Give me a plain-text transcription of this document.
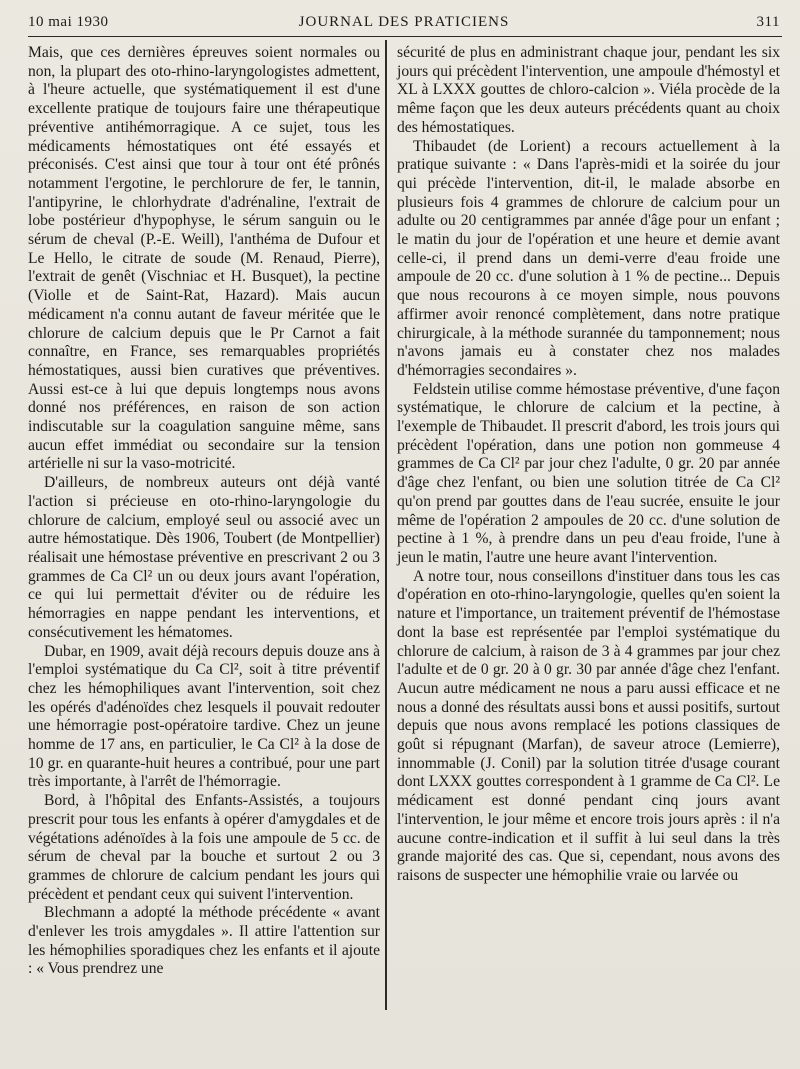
10 mai 1930	JOURNAL DES PRATICIENS	311

Mais, que ces dernières épreuves soient normales ou non, la plupart des oto-rhino-laryngologistes admettent, à l'heure actuelle, que systématiquement il est d'une excellente pratique de toujours faire une thérapeutique préventive antihémorragique. A ce sujet, tous les médicaments hémostatiques ont été essayés et préconisés. C'est ainsi que tour à tour ont été prônés notamment l'ergotine, le perchlorure de fer, le tannin, l'antipyrine, le chlorhydrate d'adrénaline, l'extrait de lobe postérieur d'hypophyse, le sérum sanguin ou le sérum de cheval (P.-E. Weill), l'anthéma de Dufour et Le Hello, le citrate de soude (M. Renaud, Pierre), l'extrait de genêt (Vischniac et H. Busquet), la pectine (Violle et de Saint-Rat, Hazard). Mais aucun médicament n'a connu autant de faveur méritée que le chlorure de calcium depuis que le Pr Carnot a fait connaître, en France, ses remarquables propriétés hémostatiques, aussi bien curatives que préventives. Aussi est-ce à lui que depuis longtemps nous avons donné nos préférences, en raison de son action indiscutable sur la coagulation sanguine même, sans aucun effet immédiat ou secondaire sur la tension artérielle ni sur la vaso-motricité.

D'ailleurs, de nombreux auteurs ont déjà vanté l'action si précieuse en oto-rhino-laryngologie du chlorure de calcium, employé seul ou associé avec un autre hémostatique. Dès 1906, Toubert (de Montpellier) réalisait une hémostase préventive en prescrivant 2 ou 3 grammes de Ca Cl² un ou deux jours avant l'opération, ce qui lui permettait d'éviter ou de réduire les hémorragies en nappe pendant les interventions, et consécutivement les hématomes.

Dubar, en 1909, avait déjà recours depuis douze ans à l'emploi systématique du Ca Cl², soit à titre préventif chez les hémophiliques avant l'intervention, soit chez les opérés d'adénoïdes chez lesquels il pouvait redouter une hémorragie post-opératoire tardive. Chez un jeune homme de 17 ans, en particulier, le Ca Cl² à la dose de 10 gr. en quarante-huit heures a contribué, pour une part très importante, à l'arrêt de l'hémorragie.

Bord, à l'hôpital des Enfants-Assistés, a toujours prescrit pour tous les enfants à opérer d'amygdales et de végétations adénoïdes à la fois une ampoule de 5 cc. de sérum de cheval par la bouche et surtout 2 ou 3 grammes de chlorure de calcium pendant les jours qui précèdent et pendant ceux qui suivent l'intervention.

Blechmann a adopté la méthode précédente « avant d'enlever les trois amygdales ». Il attire l'attention sur les hémophilies sporadiques chez les enfants et il ajoute : « Vous prendrez une

sécurité de plus en administrant chaque jour, pendant les six jours qui précèdent l'intervention, une ampoule d'hémostyl et XL à LXXX gouttes de chloro-calcion ». Viéla procède de la même façon que les deux auteurs précédents quant au choix des hémostatiques.

Thibaudet (de Lorient) a recours actuellement à la pratique suivante : « Dans l'après-midi et la soirée du jour qui précède l'intervention, dit-il, le malade absorbe en plusieurs fois 4 grammes de chlorure de calcium pour un adulte ou 20 centigrammes par année d'âge pour un enfant ; le matin du jour de l'opération et une heure et demie avant celle-ci, il prend dans un demi-verre d'eau froide une ampoule de 20 cc. d'une solution à 1 % de pectine... Depuis que nous recourons à ce moyen simple, nous pouvons affirmer avoir renoncé complètement, dans notre pratique chirurgicale, à la méthode surannée du tamponnement; nous n'avons jamais eu à constater chez nos malades d'hémorragies secondaires ».

Feldstein utilise comme hémostase préventive, d'une façon systématique, le chlorure de calcium et la pectine, à l'exemple de Thibaudet. Il prescrit d'abord, les trois jours qui précèdent l'opération, dans une potion non gommeuse 4 grammes de Ca Cl² par jour chez l'adulte, 0 gr. 20 par année d'âge chez l'enfant, ou bien une solution titrée de Ca Cl² qu'on prend par gouttes dans de l'eau sucrée, ensuite le jour même de l'opération 2 ampoules de 20 cc. d'une solution de pectine à 1 %, à prendre dans un peu d'eau froide, l'une à jeun le matin, l'autre une heure avant l'intervention.

A notre tour, nous conseillons d'instituer dans tous les cas d'opération en oto-rhino-laryngologie, quelles qu'en soient la nature et l'importance, un traitement préventif de l'hémostase dont la base est représentée par l'emploi systématique du chlorure de calcium, à raison de 3 à 4 grammes par jour chez l'adulte et de 0 gr. 20 à 0 gr. 30 par année d'âge chez l'enfant. Aucun autre médicament ne nous a paru aussi efficace et ne nous a donné des résultats aussi bons et aussi positifs, surtout depuis que nous avons remplacé les potions classiques de goût si répugnant (Marfan), de saveur atroce (Lemierre), innommable (J. Conil) par la solution titrée d'usage courant dont LXXX gouttes correspondent à 1 gramme de Ca Cl². Le médicament est donné pendant cinq jours avant l'intervention, le jour même et encore trois jours après : il n'a aucune contre-indication et il suffit à lui seul dans la très grande majorité des cas. Que si, cependant, nous avons des raisons de suspecter une hémophilie vraie ou larvée ou
